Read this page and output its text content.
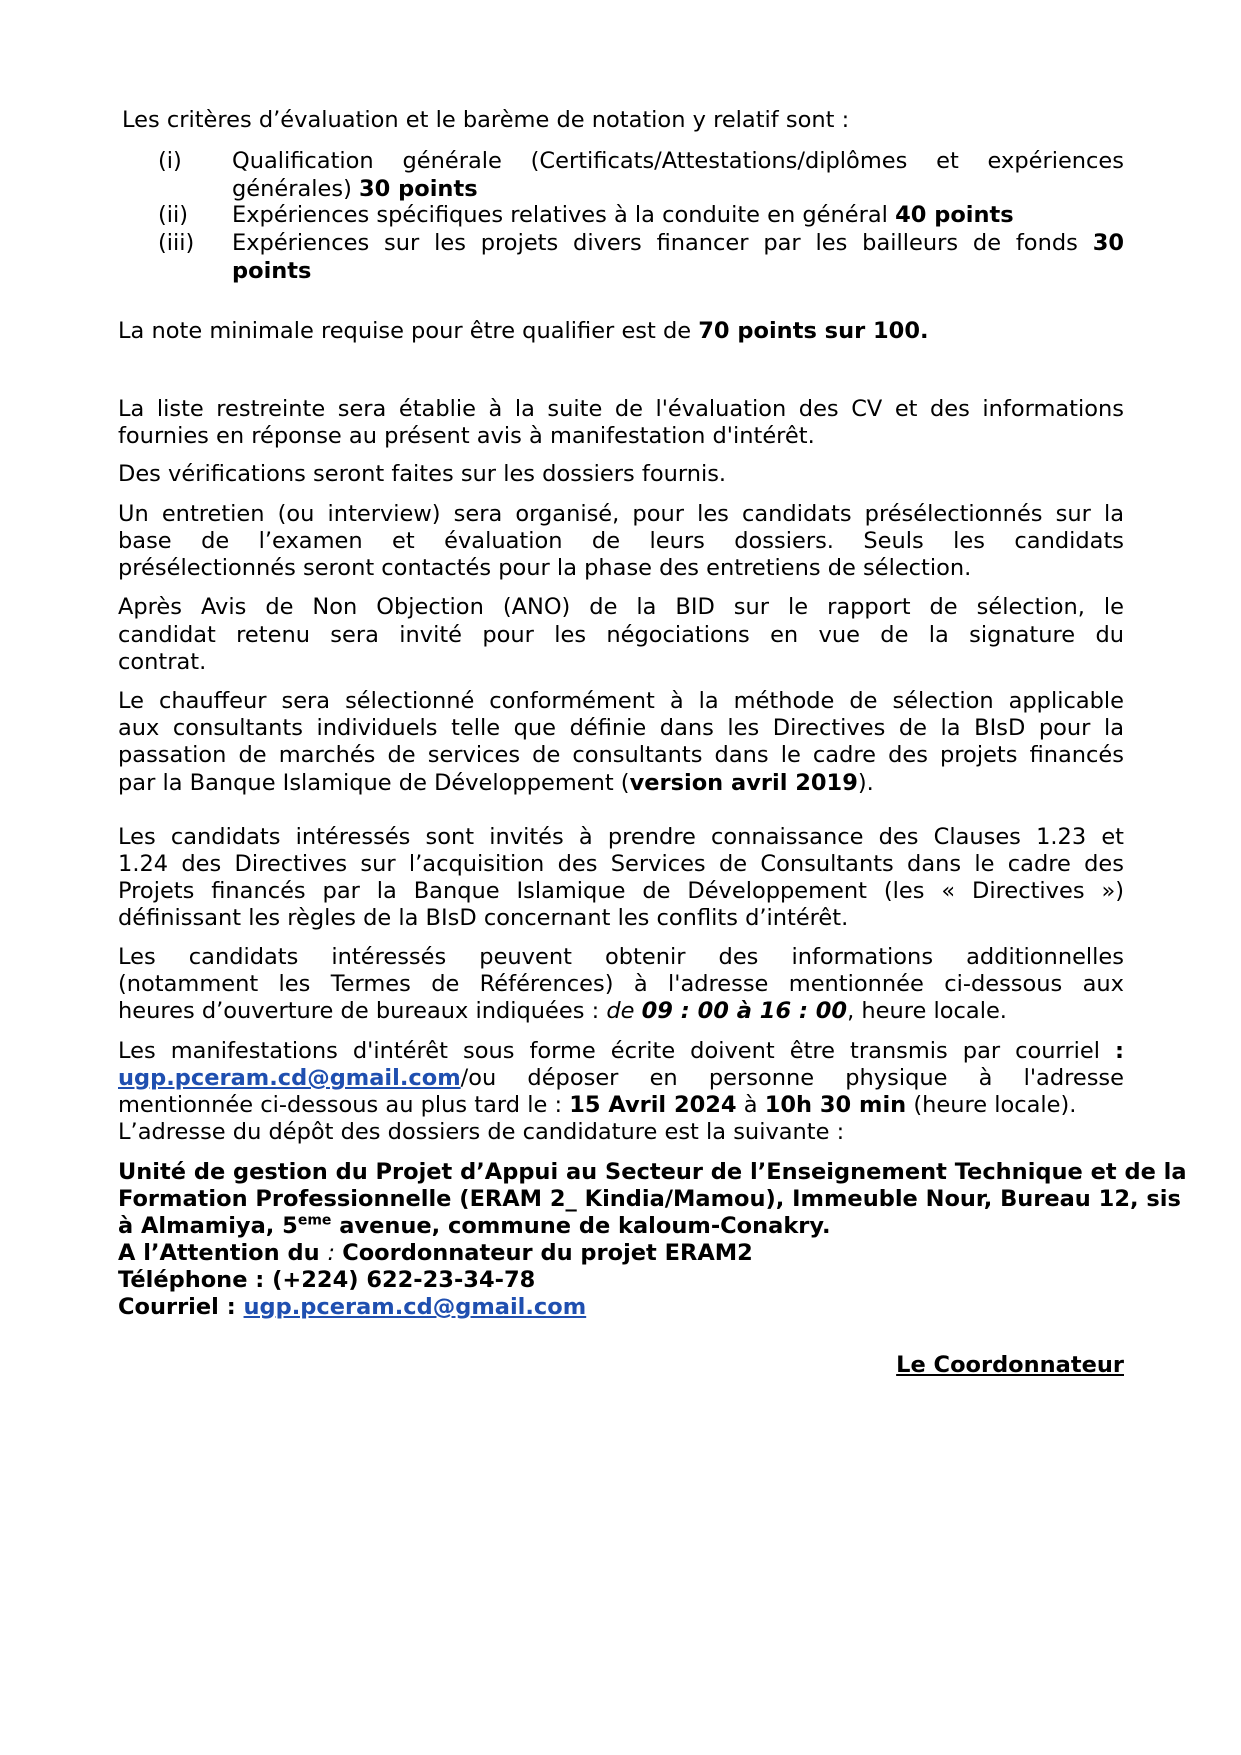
Les critères d’évaluation et le barème de notation y relatif sont :
(i) Qualification générale (Certificats/Attestations/diplômes et expériences
générales) 30 points
(ii) Expériences spécifiques relatives à la conduite en général 40 points
(iii) Expériences sur les projets divers financer par les bailleurs de fonds 30
points
La note minimale requise pour être qualifier est de 70 points sur 100.
La liste restreinte sera établie à la suite de l'évaluation des CV et des informations
fournies en réponse au présent avis à manifestation d'intérêt.
Des vérifications seront faites sur les dossiers fournis.
Un entretien (ou interview) sera organisé, pour les candidats présélectionnés sur la
base de l’examen et évaluation de leurs dossiers. Seuls les candidats
présélectionnés seront contactés pour la phase des entretiens de sélection.
Après Avis de Non Objection (ANO) de la BID sur le rapport de sélection, le
candidat retenu sera invité pour les négociations en vue de la signature du
contrat.
Le chauffeur sera sélectionné conformément à la méthode de sélection applicable
aux consultants individuels telle que définie dans les Directives de la BIsD pour la
passation de marchés de services de consultants dans le cadre des projets financés
par la Banque Islamique de Développement (version avril 2019).
Les candidats intéressés sont invités à prendre connaissance des Clauses 1.23 et
1.24 des Directives sur l’acquisition des Services de Consultants dans le cadre des
Projets financés par la Banque Islamique de Développement (les « Directives »)
définissant les règles de la BIsD concernant les conflits d’intérêt.
Les candidats intéressés peuvent obtenir des informations additionnelles
(notamment les Termes de Références) à l'adresse mentionnée ci-dessous aux
heures d’ouverture de bureaux indiquées : de 09 : 00 à 16 : 00, heure locale.
Les manifestations d'intérêt sous forme écrite doivent être transmis par courriel :
ugp.pceram.cd@gmail.com/ou déposer en personne physique à l'adresse
mentionnée ci-dessous au plus tard le : 15 Avril 2024 à 10h 30 min (heure locale).
L’adresse du dépôt des dossiers de candidature est la suivante :
Unité de gestion du Projet d’Appui au Secteur de l’Enseignement Technique et de la
Formation Professionnelle (ERAM 2_ Kindia/Mamou), Immeuble Nour, Bureau 12, sis
à Almamiya, 5eme avenue, commune de kaloum-Conakry.
A l’Attention du : Coordonnateur du projet ERAM2
Téléphone : (+224) 622-23-34-78
Courriel : ugp.pceram.cd@gmail.com
Le Coordonnateur
